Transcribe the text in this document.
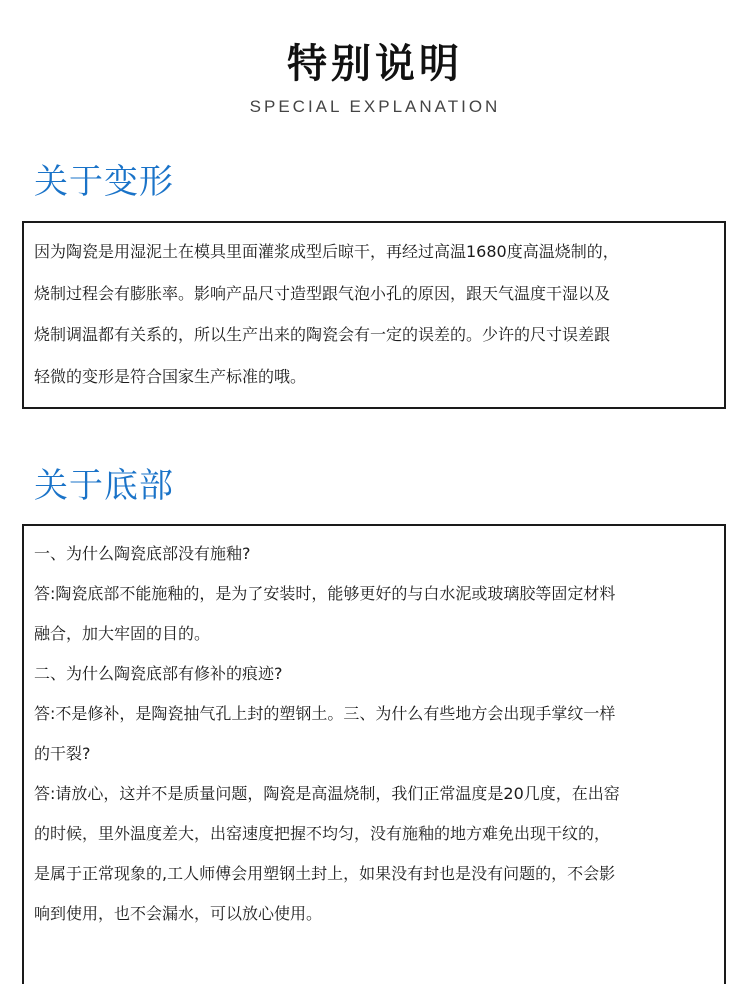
特别说明
SPECIAL EXPLANATION
关于变形
因为陶瓷是用湿泥土在模具里面灌浆成型后晾干，再经过高温1680度高温烧制的，
烧制过程会有膨胀率。影响产品尺寸造型跟气泡小孔的原因，跟天气温度干湿以及
烧制调温都有关系的，所以生产出来的陶瓷会有一定的误差的。少许的尺寸误差跟
轻微的变形是符合国家生产标准的哦。
关于底部
一、为什么陶瓷底部没有施釉?
答:陶瓷底部不能施釉的，是为了安装时，能够更好的与白水泥或玻璃胶等固定材料
融合，加大牢固的目的。
二、为什么陶瓷底部有修补的痕迹?
答:不是修补，是陶瓷抽气孔上封的塑钢土。三、为什么有些地方会出现手掌纹一样
的干裂?
答:请放心，这并不是质量问题，陶瓷是高温烧制，我们正常温度是20几度，在出窑
的时候，里外温度差大，出窑速度把握不均匀，没有施釉的地方难免出现干纹的，
是属于正常现象的,工人师傅会用塑钢土封上，如果没有封也是没有问题的，不会影
响到使用，也不会漏水，可以放心使用。
